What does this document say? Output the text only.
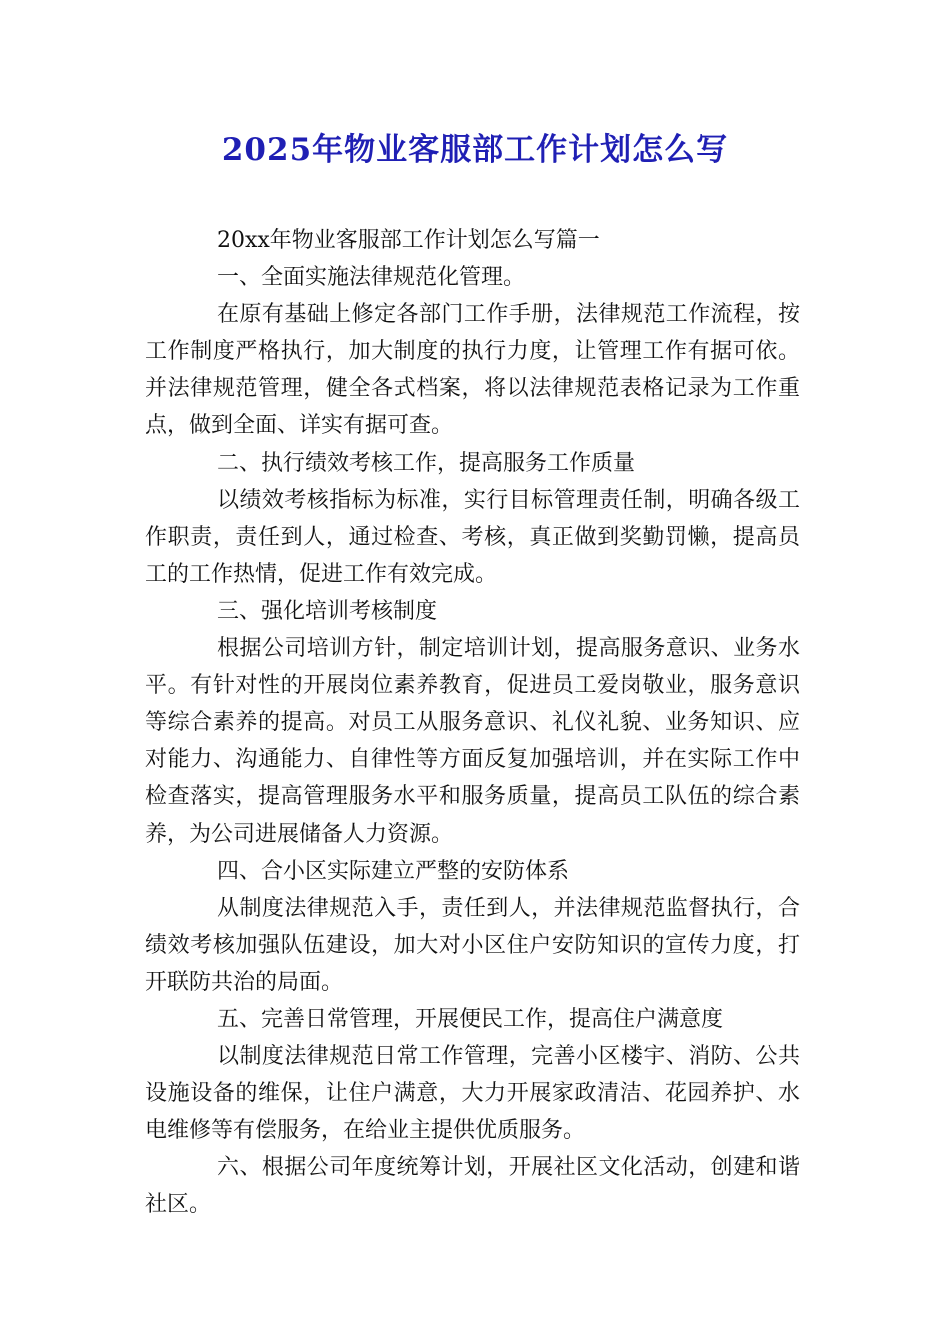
2025年物业客服部工作计划怎么写

20xx年物业客服部工作计划怎么写篇一

一、全面实施法律规范化管理。

在原有基础上修定各部门工作手册，法律规范工作流程，按工作制度严格执行，加大制度的执行力度，让管理工作有据可依。并法律规范管理，健全各式档案，将以法律规范表格记录为工作重点，做到全面、详实有据可查。

二、执行绩效考核工作，提高服务工作质量

以绩效考核指标为标准，实行目标管理责任制，明确各级工作职责，责任到人，通过检查、考核，真正做到奖勤罚懒，提高员工的工作热情，促进工作有效完成。

三、强化培训考核制度

根据公司培训方针，制定培训计划，提高服务意识、业务水平。有针对性的开展岗位素养教育，促进员工爱岗敬业，服务意识等综合素养的提高。对员工从服务意识、礼仪礼貌、业务知识、应对能力、沟通能力、自律性等方面反复加强培训，并在实际工作中检查落实，提高管理服务水平和服务质量，提高员工队伍的综合素养，为公司进展储备人力资源。

四、合小区实际建立严整的安防体系

从制度法律规范入手，责任到人，并法律规范监督执行，合绩效考核加强队伍建设，加大对小区住户安防知识的宣传力度，打开联防共治的局面。

五、完善日常管理，开展便民工作，提高住户满意度

以制度法律规范日常工作管理，完善小区楼宇、消防、公共设施设备的维保，让住户满意，大力开展家政清洁、花园养护、水电维修等有偿服务，在给业主提供优质服务。

六、根据公司年度统筹计划，开展社区文化活动，创建和谐社区。
